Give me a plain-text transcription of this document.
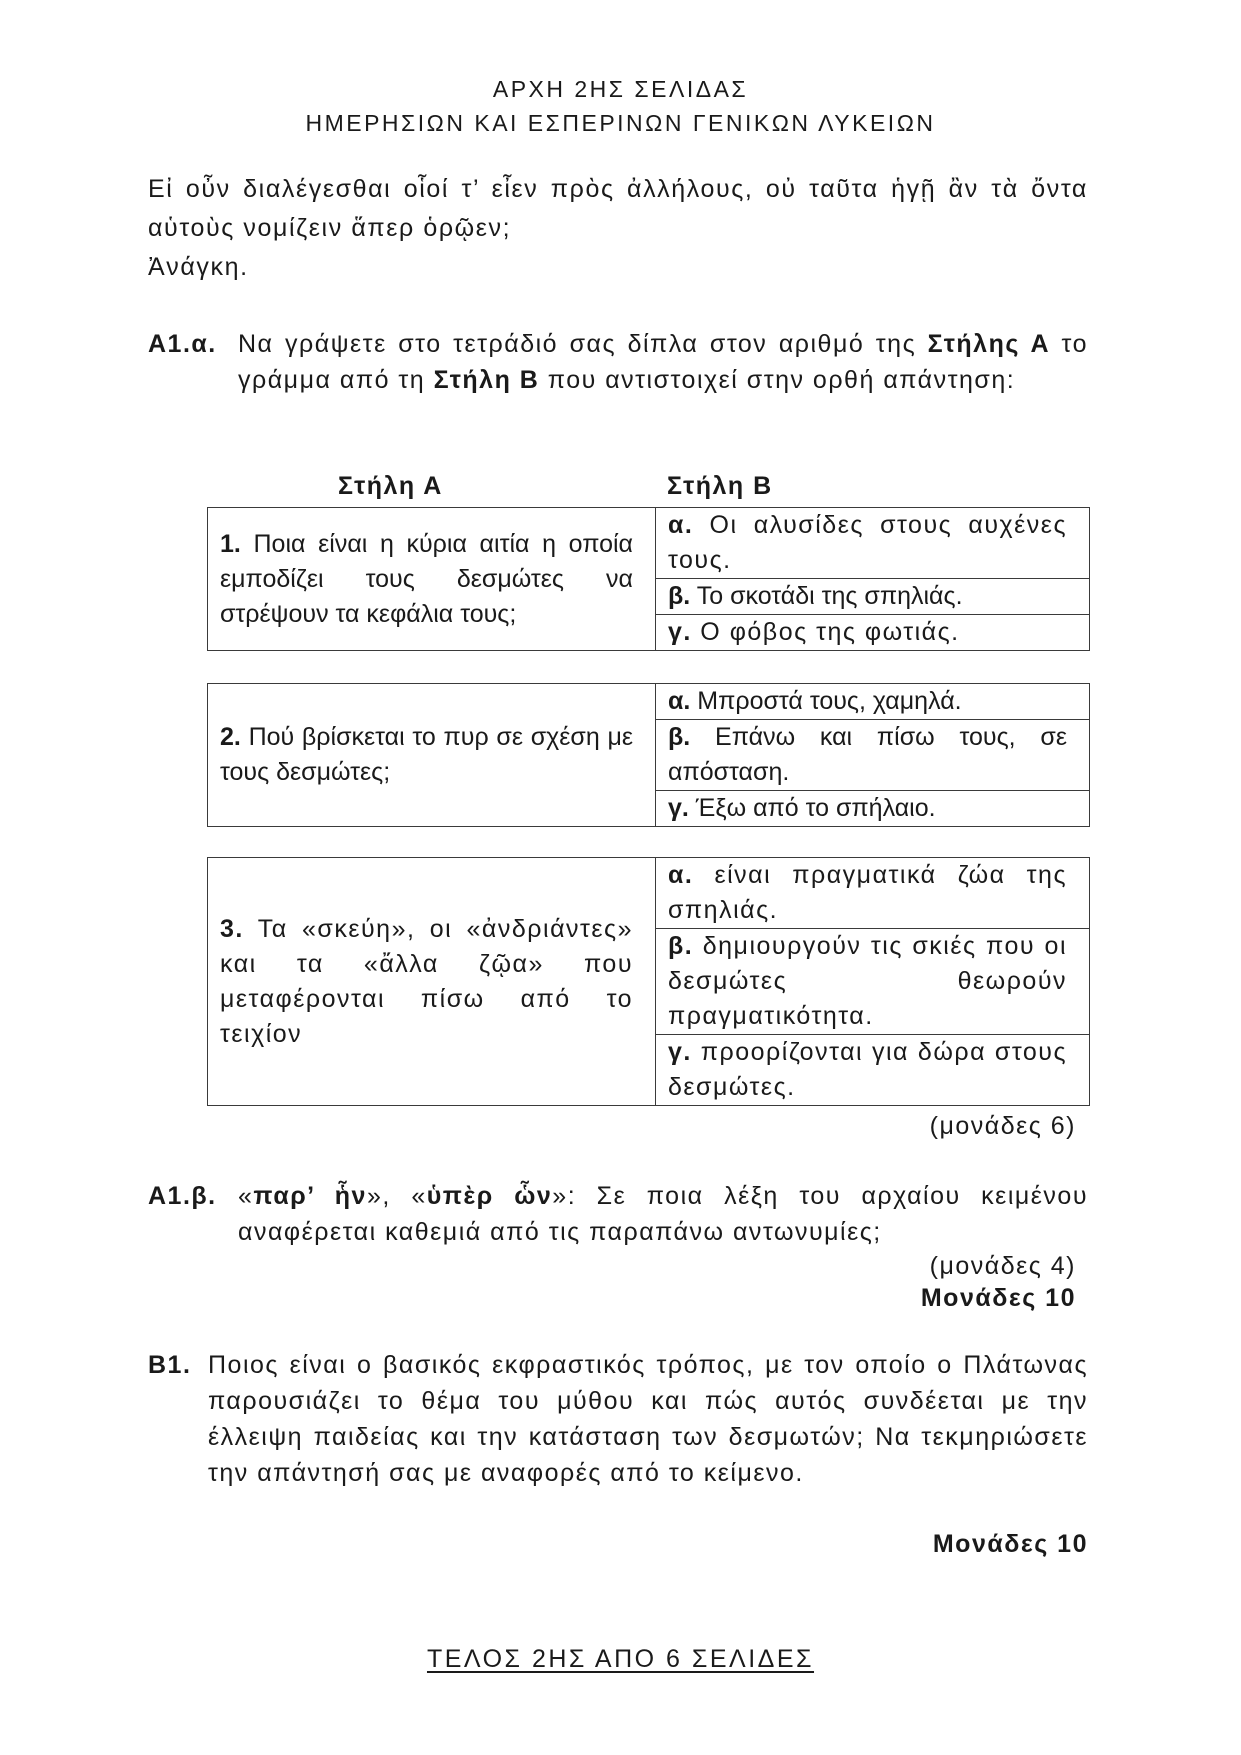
ΑΡΧΗ 2ΗΣ ΣΕΛΙΔΑΣ
ΗΜΕΡΗΣΙΩΝ ΚΑΙ ΕΣΠΕΡΙΝΩΝ ΓΕΝΙΚΩΝ ΛΥΚΕΙΩΝ

Εἰ οὖν διαλέγεσθαι οἷοί τ’ εἶεν πρὸς ἀλλήλους, οὐ ταῦτα ἡγῇ ἂν τὰ ὄντα αὑτοὺς νομίζειν ἅπερ ὁρῷεν;

Ἀνάγκη.

Α1.α. Να γράψετε στο τετράδιό σας δίπλα στον αριθμό της Στήλης Α το γράμμα από τη Στήλη Β που αντιστοιχεί στην ορθή απάντηση:
Στήλη Α	Στήλη Β
1. Ποια είναι η κύρια αιτία η οποία εμποδίζει τους δεσμώτες να στρέψουν τα κεφάλια τους;	α. Οι αλυσίδες στους αυχένες τους.
β. Το σκοτάδι της σπηλιάς.
γ. Ο φόβος της φωτιάς.
2. Πού βρίσκεται το πυρ σε σχέση με τους δεσμώτες;	α. Μπροστά τους, χαμηλά.
β. Επάνω και πίσω τους, σε απόσταση.
γ. Έξω από το σπήλαιο.
3. Τα «σκεύη», οι «ἀνδριάντες» και τα «ἄλλα ζῷα» που μεταφέρονται πίσω από το τειχίον	α. είναι πραγματικά ζώα της σπηλιάς.
β. δημιουργούν τις σκιές που οι δεσμώτες θεωρούν πραγματικότητα.
γ. προορίζονται για δώρα στους δεσμώτες.
(μονάδες 6)
Α1.β. «παρ’ ἧν», «ὑπὲρ ὧν»: Σε ποια λέξη του αρχαίου κειμένου αναφέρεται καθεμιά από τις παραπάνω αντωνυμίες;
(μονάδες 4)
Μονάδες 10
Β1. Ποιος είναι ο βασικός εκφραστικός τρόπος, με τον οποίο ο Πλάτωνας παρουσιάζει το θέμα του μύθου και πώς αυτός συνδέεται με την έλλειψη παιδείας και την κατάσταση των δεσμωτών; Να τεκμηριώσετε την απάντησή σας με αναφορές από το κείμενο.
Μονάδες 10
ΤΕΛΟΣ 2ΗΣ ΑΠΟ 6 ΣΕΛΙΔΕΣ
